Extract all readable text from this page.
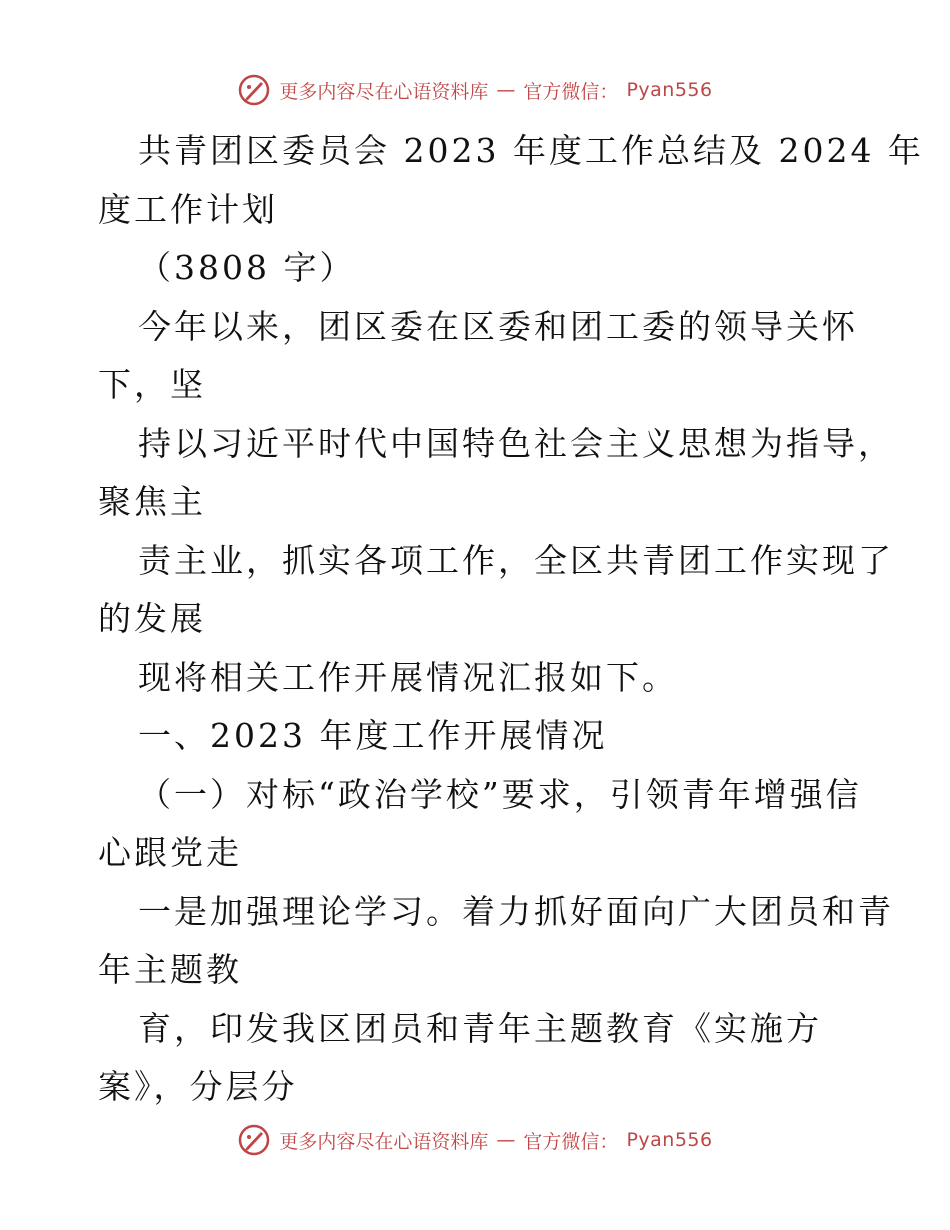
更多内容尽在心语资料库 — 官方微信： Pyan556
共青团区委员会 2023 年度工作总结及 2024 年
度工作计划
（3808 字）
今年以来，团区委在区委和团工委的领导关怀
下，坚
持以习近平时代中国特色社会主义思想为指导，
聚焦主
责主业，抓实各项工作，全区共青团工作实现了
的发展
现将相关工作开展情况汇报如下。
一、2023 年度工作开展情况
（一）对标“政治学校”要求，引领青年增强信
心跟党走
一是加强理论学习。着力抓好面向广大团员和青
年主题教
育，印发我区团员和青年主题教育《实施方
案》，分层分
更多内容尽在心语资料库 — 官方微信： Pyan556
